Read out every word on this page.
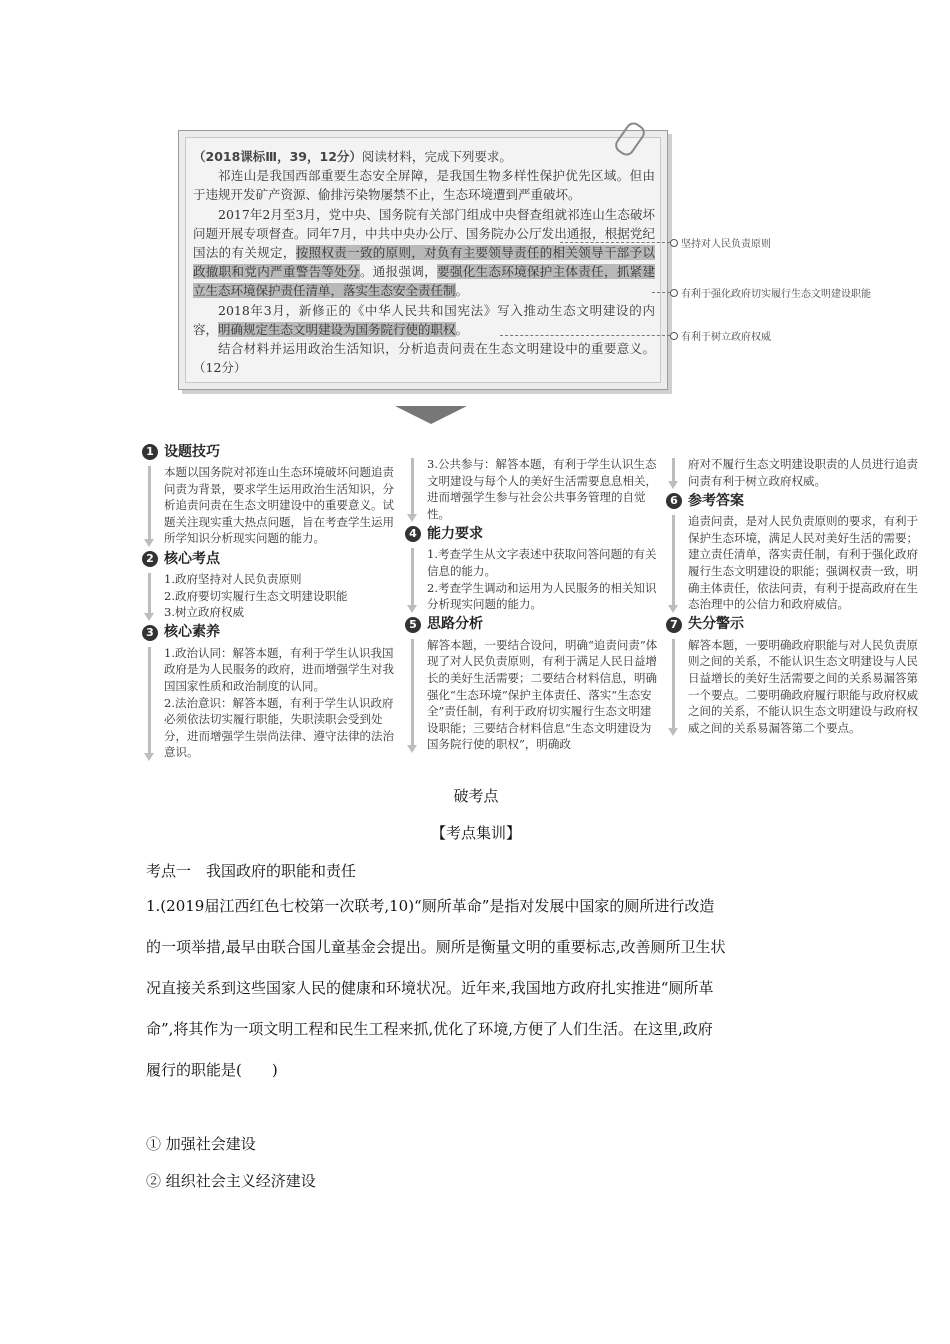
（2018课标Ⅲ，39，12分）阅读材料，完成下列要求。

祁连山是我国西部重要生态安全屏障，是我国生物多样性保护优先区域。但由于违规开发矿产资源、偷排污染物屡禁不止，生态环境遭到严重破坏。

2017年2月至3月，党中央、国务院有关部门组成中央督查组就祁连山生态破坏问题开展专项督查。同年7月，中共中央办公厅、国务院办公厅发出通报，根据党纪国法的有关规定，按照权责一致的原则，对负有主要领导责任的相关领导干部予以政撤职和党内严重警告等处分。通报强调，要强化生态环境保护主体责任，抓紧建立生态环境保护责任清单，落实生态安全责任制。

2018年3月，新修正的《中华人民共和国宪法》写入推动生态文明建设的内容，明确规定生态文明建设为国务院行使的职权。

结合材料并运用政治生活知识，分析追责问责在生态文明建设中的重要意义。（12分）

坚持对人民负责原则
有利于强化政府切实履行生态文明建设职能
有利于树立政府权威
1 设题技巧

本题以国务院对祁连山生态环境破坏问题追责问责为背景，要求学生运用政治生活知识，分析追责问责在生态文明建设中的重要意义。试题关注现实重大热点问题，旨在考查学生运用所学知识分析现实问题的能力。

2 核心考点

1.政府坚持对人民负责原则

2.政府要切实履行生态文明建设职能

3.树立政府权威

3 核心素养

1.政治认同：解答本题，有利于学生认识我国政府是为人民服务的政府，进而增强学生对我国国家性质和政治制度的认同。

2.法治意识：解答本题，有利于学生认识政府必须依法切实履行职能，失职渎职会受到处分，进而增强学生崇尚法律、遵守法律的法治意识。

3.公共参与：解答本题，有利于学生认识生态文明建设与每个人的美好生活需要息息相关，进而增强学生参与社会公共事务管理的自觉性。

4 能力要求

1.考查学生从文字表述中获取问答问题的有关信息的能力。

2.考查学生调动和运用为人民服务的相关知识分析现实问题的能力。

5 思路分析

解答本题，一要结合设问，明确“追责问责”体现了对人民负责原则，有利于满足人民日益增长的美好生活需要；二要结合材料信息，明确强化“生态环境”保护主体责任、落实“生态安全”责任制，有利于政府切实履行生态文明建设职能；三要结合材料信息“生态文明建设为国务院行使的职权”，明确政

府对不履行生态文明建设职责的人员进行追责问责有利于树立政府权威。

6 参考答案

追责问责，是对人民负责原则的要求，有利于保护生态环境，满足人民对美好生活的需要；建立责任清单，落实责任制，有利于强化政府履行生态文明建设的职能；强调权责一致，明确主体责任，依法问责，有利于提高政府在生态治理中的公信力和政府威信。

7 失分警示

解答本题，一要明确政府职能与对人民负责原则之间的关系，不能认识生态文明建设与人民日益增长的美好生活需要之间的关系易漏答第一个要点。二要明确政府履行职能与政府权威之间的关系，不能认识生态文明建设与政府权威之间的关系易漏答第二个要点。

破考点
【考点集训】
考点一　我国政府的职能和责任
1.(2019届江西红色七校第一次联考,10)“厕所革命”是指对发展中国家的厕所进行改造
的一项举措,最早由联合国儿童基金会提出。厕所是衡量文明的重要标志,改善厕所卫生状
况直接关系到这些国家人民的健康和环境状况。近年来,我国地方政府扎实推进“厕所革
命”,将其作为一项文明工程和民生工程来抓,优化了环境,方便了人们生活。在这里,政府
履行的职能是(　　)
① 加强社会建设
② 组织社会主义经济建设
